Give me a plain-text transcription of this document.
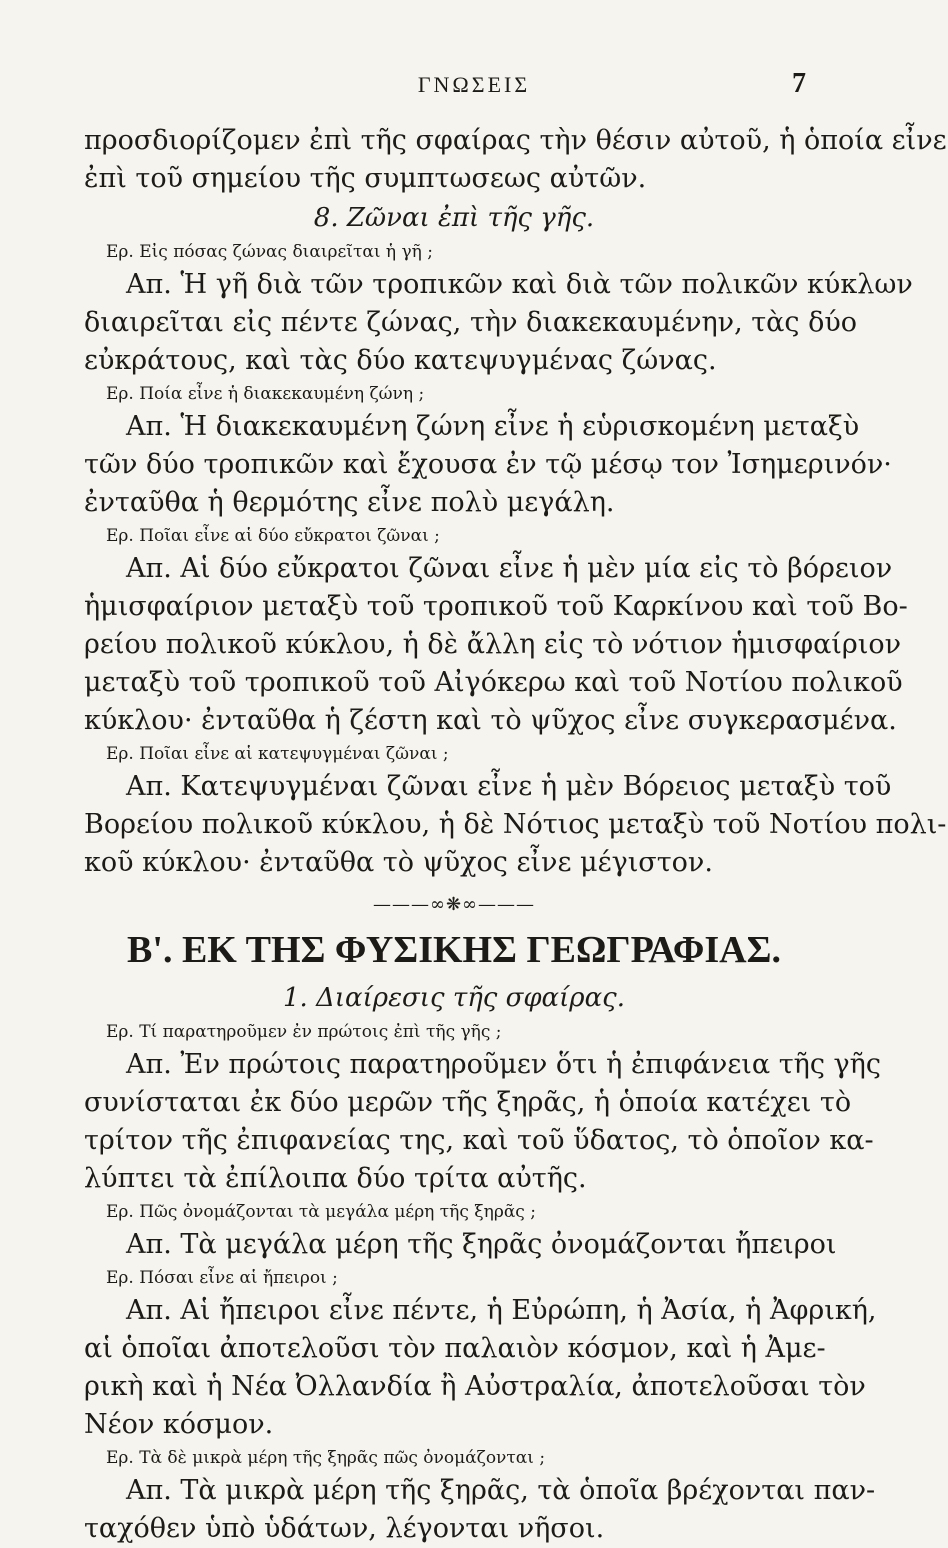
ΓΝΩΣΕΙΣ	7
προσδιορίζομεν ἐπὶ τῆς σφαίρας τὴν θέσιν αὐτοῦ, ἡ ὁποία εἶνε
ἐπὶ τοῦ σημείου τῆς συμπτωσεως αὐτῶν.
8. Ζῶναι ἐπὶ τῆς γῆς.
Ερ. Εἰς πόσας ζώνας διαιρεῖται ἡ γῆ ;
Απ. Ἡ γῆ διὰ τῶν τροπικῶν καὶ διὰ τῶν πολικῶν κύκλων
διαιρεῖται εἰς πέντε ζώνας, τὴν διακεκαυμένην, τὰς δύο
εὐκράτους, καὶ τὰς δύο κατεψυγμένας ζώνας.
Ερ. Ποία εἶνε ἡ διακεκαυμένη ζώνη ;
Απ. Ἡ διακεκαυμένη ζώνη εἶνε ἡ εὑρισκομένη μεταξὺ
τῶν δύο τροπικῶν καὶ ἔχουσα ἐν τῷ μέσῳ τον Ἰσημερινόν·
ἐνταῦθα ἡ θερμότης εἶνε πολὺ μεγάλη.
Ερ. Ποῖαι εἶνε αἱ δύο εὔκρατοι ζῶναι ;
Απ. Αἱ δύο εὔκρατοι ζῶναι εἶνε ἡ μὲν μία εἰς τὸ βόρειον
ἡμισφαίριον μεταξὺ τοῦ τροπικοῦ τοῦ Καρκίνου καὶ τοῦ Βο-
ρείου πολικοῦ κύκλου, ἡ δὲ ἄλλη εἰς τὸ νότιον ἡμισφαίριον
μεταξὺ τοῦ τροπικοῦ τοῦ Αἰγόκερω καὶ τοῦ Νοτίου πολικοῦ
κύκλου· ἐνταῦθα ἡ ζέστη καὶ τὸ ψῦχος εἶνε συγκερασμένα.
Ερ. Ποῖαι εἶνε αἱ κατεψυγμέναι ζῶναι ;
Απ. Κατεψυγμέναι ζῶναι εἶνε ἡ μὲν Βόρειος μεταξὺ τοῦ
Βορείου πολικοῦ κύκλου, ἡ δὲ Νότιος μεταξὺ τοῦ Νοτίου πολι-
κοῦ κύκλου· ἐνταῦθα τὸ ψῦχος εἶνε μέγιστον.
———∞❋∞———
Β'. ΕΚ ΤΗΣ ΦΥΣΙΚΗΣ ΓΕΩΓΡΑΦΙΑΣ.
1. Διαίρεσις τῆς σφαίρας.
Ερ. Τί παρατηροῦμεν ἐν πρώτοις ἐπὶ τῆς γῆς ;
Απ. Ἐν πρώτοις παρατηροῦμεν ὅτι ἡ ἐπιφάνεια τῆς γῆς
συνίσταται ἐκ δύο μερῶν τῆς ξηρᾶς, ἡ ὁποία κατέχει τὸ
τρίτον τῆς ἐπιφανείας της, καὶ τοῦ ὕδατος, τὸ ὁποῖον κα-
λύπτει τὰ ἐπίλοιπα δύο τρίτα αὐτῆς.
Ερ. Πῶς ὀνομάζονται τὰ μεγάλα μέρη τῆς ξηρᾶς ;
Απ. Τὰ μεγάλα μέρη τῆς ξηρᾶς ὀνομάζονται ἤπειροι
Ερ. Πόσαι εἶνε αἱ ἤπειροι ;
Απ. Αἱ ἤπειροι εἶνε πέντε, ἡ Εὐρώπη, ἡ Ἀσία, ἡ Ἀφρική,
αἱ ὁποῖαι ἀποτελοῦσι τὸν παλαιὸν κόσμον, καὶ ἡ Ἀμε-
ρικὴ καὶ ἡ Νέα Ὀλλανδία ἢ Αὐστραλία, ἀποτελοῦσαι τὸν
Νέον κόσμον.
Ερ. Τὰ δὲ μικρὰ μέρη τῆς ξηρᾶς πῶς ὀνομάζονται ;
Απ. Τὰ μικρὰ μέρη τῆς ξηρᾶς, τὰ ὁποῖα βρέχονται παν-
ταχόθεν ὑπὸ ὑδάτων, λέγονται νῆσοι.
